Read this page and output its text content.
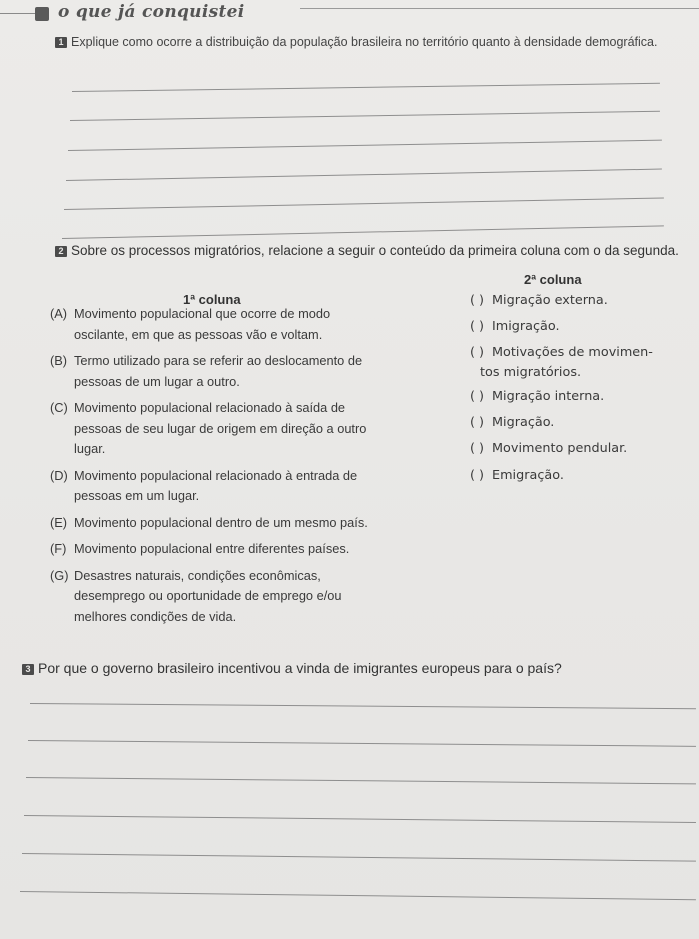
o que já conquistei
1 Explique como ocorre a distribuição da população brasileira no território quanto à densidade demográfica.
2 Sobre os processos migratórios, relacione a seguir o conteúdo da primeira coluna com o da segunda.
1ª coluna
2ª coluna
(A) Movimento populacional que ocorre de modo oscilante, em que as pessoas vão e voltam.
(B) Termo utilizado para se referir ao deslocamento de pessoas de um lugar a outro.
(C) Movimento populacional relacionado à saída de pessoas de seu lugar de origem em direção a outro lugar.
(D) Movimento populacional relacionado à entrada de pessoas em um lugar.
(E) Movimento populacional dentro de um mesmo país.
(F) Movimento populacional entre diferentes países.
(G) Desastres naturais, condições econômicas, desemprego ou oportunidade de emprego e/ou melhores condições de vida.
( ) Migração externa.
( ) Imigração.
( ) Motivações de movimen-
tos migratórios.
( ) Migração interna.
( ) Migração.
( ) Movimento pendular.
( ) Emigração.
3 Por que o governo brasileiro incentivou a vinda de imigrantes europeus para o país?
